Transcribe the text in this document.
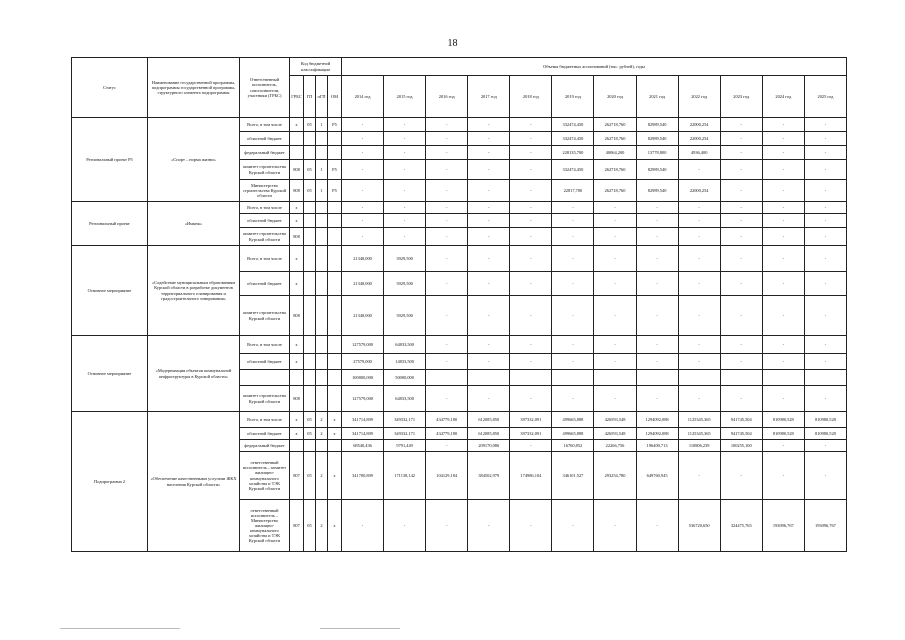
18
Статус	Наименование государственной программы, подпрограммы государственной программы, структурного элемента подпрограммы	Ответственный исполнитель, соисполнители, участники (ГРБС)	Код бюджетной классификации				Объемы бюджетных ассигнований (тыс. рублей), годы											
			ГРБС	ГП	пГП	ОМ	2014 год	2015 год	2016 год	2017 год	2018 год	2019 год	2020 год	2021 год	2022 год	2023 год	2024 год	2025 год
Региональный проект Р5	«Спорт – норма жизни»	Всего, в том числе	х	05	1	Р5	-	-	-	-	-	332474,450	262718,760	82989,540	22000,254	-	-	-
		областной бюджет					-	-	-	-	-	332474,450	262718,760	82989,540	22000,254	-	-	-
		федеральный бюджет					-	-	-	-	-	228135,700	40064,200	13778,800	4936,400	-	-	-
		комитет строительства Курской области	808	05	1	Р5	-	-	-	-	-	332474,450	262718,760	82989,540	-	-	-	-
		Министерство строительства Курской области	808	05	1	Р5	-	-	-	-	-	22817,700	262718,760	82989,540	22000,254	-	-	-
Региональный проект	«Имкеж»	Всего, в том числе	х				-	-	-	-	-	-	-	-	-	-	-	-
		областной бюджет	х				-	-	-	-	-	-	-	-	-	-	-	-
		комитет строительства Курской области	808				-	-	-	-	-	-	-	-	-	-	-	-
Основное мероприятие	«Содействие муниципальным образованиям Курской области в разработке документов территориального планирования и градостроительного зонирования»	Всего, в том числе	х				21348,000	3929,500	-	-	-	-	-	-	-	-	-	-
		областной бюджет	х				21348,000	3929,500	-	-	-	-	-	-	-	-	-	-
		комитет строительства Курской области	808				21348,000	3929,500	-	-	-	-	-	-	-	-	-	-
Основное мероприятие	«Модернизация объектов коммунальной инфраструктуры в Курской области»	Всего, в том числе	х				127579,000	64833,500	-	-	-	-	-	-	-	-	-	-
		областной бюджет	х				27579,000	14833,500	-	-	-	-	-	-	-	-	-	-
							100000,000	50000,000										
		комитет строительства Курской области	808				127579,000	64833,500	-	-	-	-	-	-	-	-	-	-
Подпрограмма 2	«Обеспечение качественными услугами ЖКХ населения Курской области»	Всего, в том числе	х	05	2	х	341714,809	349332,171	434779,180	612085,850	397332,091	499665,888	426593,548	1294092,088	1125345,365	941745,504	810980,528	810980,528
		областной бюджет	х	05	2	х	341714,809	349332,171	434779,180	612085,850	397332,091	499665,888	426593,548	1294092,088	1125345,365	941745,504	810980,528	810980,528
		федеральный бюджет					68540,436	9791,449	-	209170,086	-	16760,852	22266,756	196400,713	110806,239	100255,100	-	-
		ответственный исполнитель – комитет жилищно-коммунального хозяйства и ТЭК Курской области	807	05	2	х	341700,809	171138,142	104129,184	384502,979	174986,104	346101,527	293254,780	649760,945	-	-	-	-
		ответственный исполнитель – Министерство жилищно-коммунального хозяйства и ТЭК Курской области	807	05	2	х	-	-	-	-	-	-	-	-	536720,650	324475,765	193096,767	193096,767
